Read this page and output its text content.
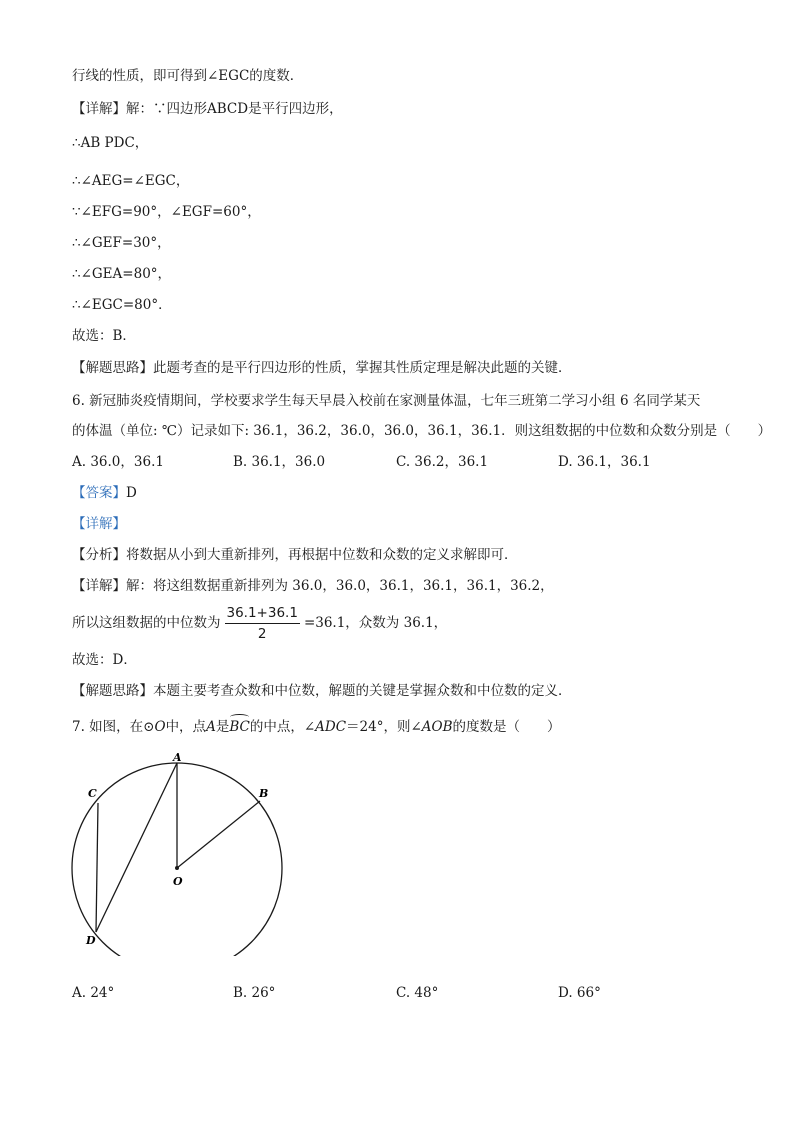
行线的性质，即可得到∠EGC的度数．
【详解】解：∵四边形ABCD是平行四边形，
∴AB PDC，
∴∠AEG=∠EGC，
∵∠EFG=90°，∠EGF=60°，
∴∠GEF=30°，
∴∠GEA=80°，
∴∠EGC=80°．
故选：B．
【解题思路】此题考查的是平行四边形的性质，掌握其性质定理是解决此题的关键．
6. 新冠肺炎疫情期间，学校要求学生每天早晨入校前在家测量体温，七年三班第二学习小组 6 名同学某天
的体温（单位: ℃）记录如下: 36.1，36.2，36.0，36.0，36.1，36.1．则这组数据的中位数和众数分别是（　　）
A. 36.0，36.1	B. 36.1，36.0	C. 36.2，36.1	D. 36.1，36.1
【答案】D
【详解】
【分析】将数据从小到大重新排列，再根据中位数和众数的定义求解即可．
【详解】解：将这组数据重新排列为 36.0，36.0，36.1，36.1，36.1，36.2，
所以这组数据的中位数为 $\frac{36.1+36.1}{2} =36.1$，众数为 36.1，
故选：D．
【解题思路】本题主要考查众数和中位数，解题的关键是掌握众数和中位数的定义．
7. 如图，在⊙O中，点A是BC的中点，∠ADC＝24°，则∠AOB的度数是（　　）
A
B
C
D
O
A. 24°	B. 26°	C. 48°	D. 66°
